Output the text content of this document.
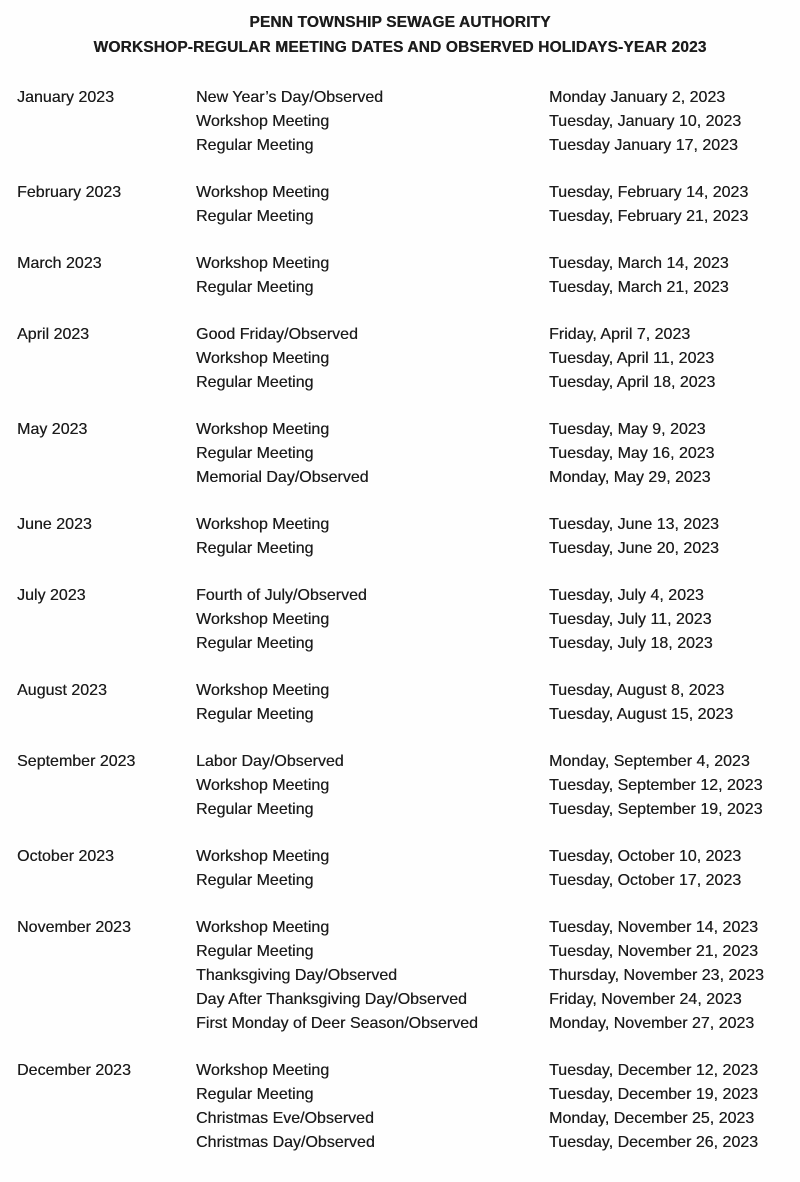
PENN TOWNSHIP SEWAGE AUTHORITY
WORKSHOP-REGULAR MEETING DATES AND OBSERVED HOLIDAYS-YEAR 2023
January 2023	New Year’s Day/Observed	Monday January 2, 2023
Workshop Meeting	Tuesday, January 10, 2023
Regular Meeting	Tuesday January 17, 2023
February 2023	Workshop Meeting	Tuesday, February 14, 2023
Regular Meeting	Tuesday, February 21, 2023
March 2023	Workshop Meeting	Tuesday, March 14, 2023
Regular Meeting	Tuesday, March 21, 2023
April 2023	Good Friday/Observed	Friday, April 7, 2023
Workshop Meeting	Tuesday, April 11, 2023
Regular Meeting	Tuesday, April 18, 2023
May 2023	Workshop Meeting	Tuesday, May 9, 2023
Regular Meeting	Tuesday, May 16, 2023
Memorial Day/Observed	Monday, May 29, 2023
June 2023	Workshop Meeting	Tuesday, June 13, 2023
Regular Meeting	Tuesday, June 20, 2023
July 2023	Fourth of July/Observed	Tuesday, July 4, 2023
Workshop Meeting	Tuesday, July 11, 2023
Regular Meeting	Tuesday, July 18, 2023
August 2023	Workshop Meeting	Tuesday, August 8, 2023
Regular Meeting	Tuesday, August 15, 2023
September 2023	Labor Day/Observed	Monday, September 4, 2023
Workshop Meeting	Tuesday, September 12, 2023
Regular Meeting	Tuesday, September 19, 2023
October 2023	Workshop Meeting	Tuesday, October 10, 2023
Regular Meeting	Tuesday, October 17, 2023
November 2023	Workshop Meeting	Tuesday, November 14, 2023
Regular Meeting	Tuesday, November 21, 2023
Thanksgiving Day/Observed	Thursday, November 23, 2023
Day After Thanksgiving Day/Observed	Friday, November 24, 2023
First Monday of Deer Season/Observed	Monday, November 27, 2023
December 2023	Workshop Meeting	Tuesday, December 12, 2023
Regular Meeting	Tuesday, December 19, 2023
Christmas Eve/Observed	Monday, December 25, 2023
Christmas Day/Observed	Tuesday, December 26, 2023
